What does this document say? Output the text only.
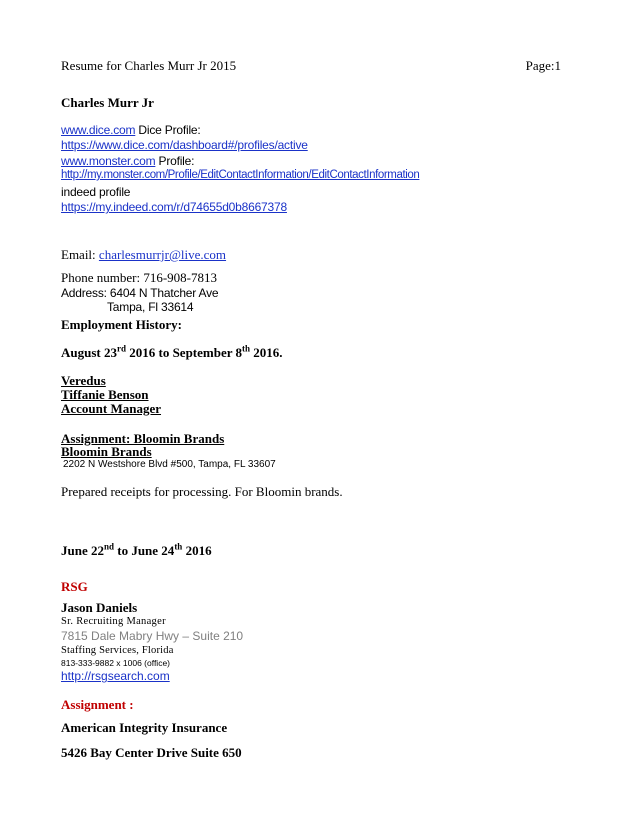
Resume for Charles Murr Jr 2015	Page:1
Charles Murr Jr
www.dice.com Dice Profile:
https://www.dice.com/dashboard#/profiles/active
www.monster.com Profile:
http://my.monster.com/Profile/EditContactInformation/EditContactInformation
indeed profile
https://my.indeed.com/r/d74655d0b8667378
Email: charlesmurrjr@live.com
Phone number: 716-908-7813
Address: 6404 N Thatcher Ave
Tampa, Fl 33614
Employment History:
August 23rd 2016 to September 8th 2016.
Veredus
Tiffanie Benson
Account Manager
Assignment: Bloomin Brands
Bloomin Brands
2202 N Westshore Blvd #500, Tampa, FL 33607
Prepared receipts for processing. For Bloomin brands.
June 22nd to June 24th 2016
RSG
Jason Daniels
Sr. Recruiting Manager
7815 Dale Mabry Hwy – Suite 210
Staffing Services, Florida
813-333-9882 x 1006 (office)
http://rsgsearch.com
Assignment :
American Integrity Insurance
5426 Bay Center Drive Suite 650
